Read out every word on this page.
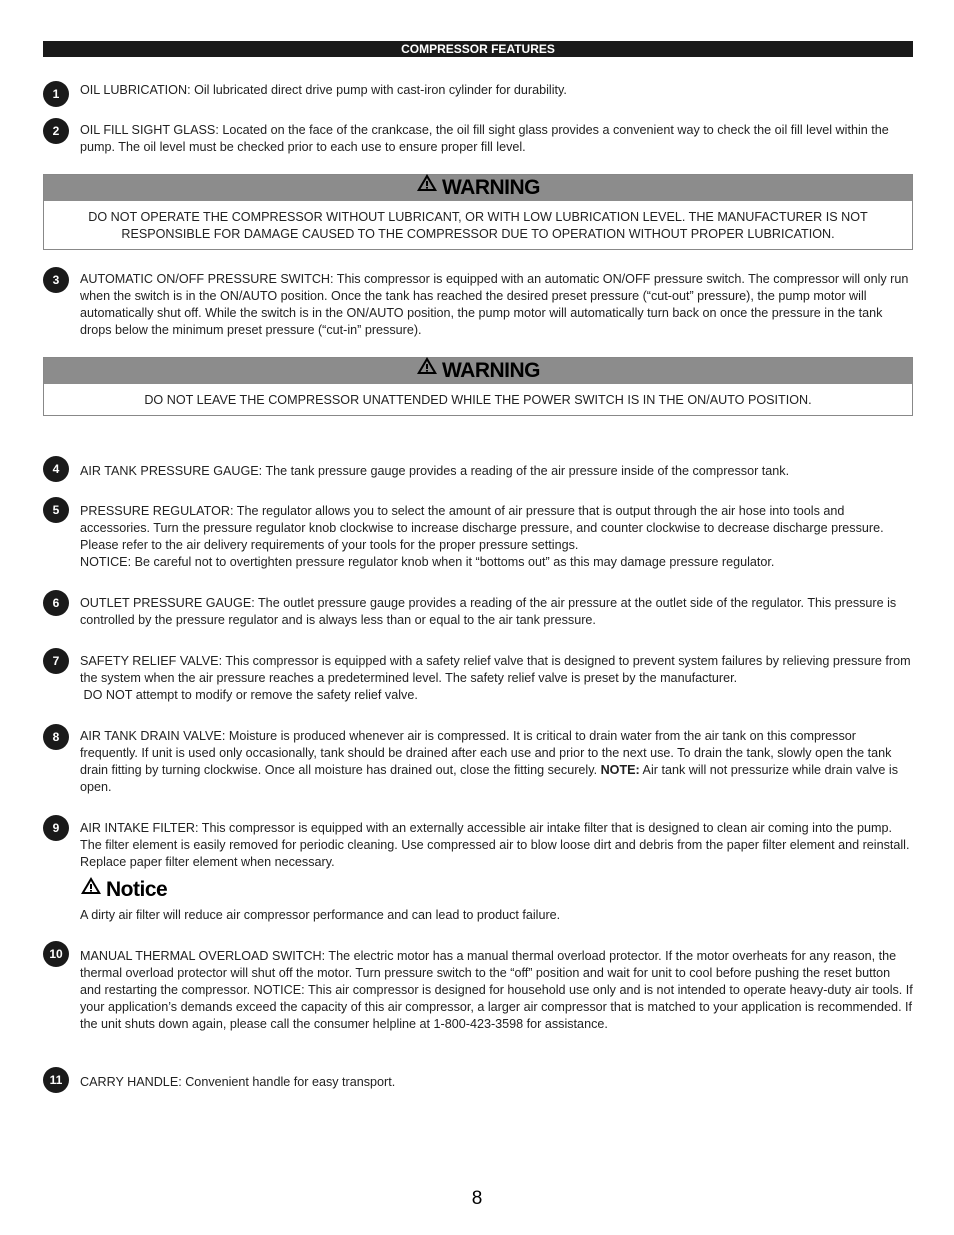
COMPRESSOR FEATURES
1	OIL LUBRICATION: Oil lubricated direct drive pump with cast-iron cylinder for durability.

2	OIL FILL SIGHT GLASS: Located on the face of the crankcase, the oil fill sight glass provides a convenient way to check the oil fill level within the pump. The oil level must be checked prior to each use to ensure proper fill level.

WARNING
DO NOT OPERATE THE COMPRESSOR WITHOUT LUBRICANT, OR WITH LOW LUBRICATION LEVEL. THE MANUFACTURER IS NOT RESPONSIBLE FOR DAMAGE CAUSED TO THE COMPRESSOR DUE TO OPERATION WITHOUT PROPER LUBRICATION.
3	AUTOMATIC ON/OFF PRESSURE SWITCH: This compressor is equipped with an automatic ON/OFF pressure switch. The compressor will only run when the switch is in the ON/AUTO position. Once the tank has reached the desired preset pressure (“cut-out” pressure), the pump motor will automatically shut off. While the switch is in the ON/AUTO position, the pump motor will automatically turn back on once the pressure in the tank drops below the minimum preset pressure (“cut-in” pressure).

WARNING
DO NOT LEAVE THE COMPRESSOR UNATTENDED WHILE THE POWER SWITCH IS IN THE ON/AUTO POSITION.
4	AIR TANK PRESSURE GAUGE: The tank pressure gauge provides a reading of the air pressure inside of the compressor tank.

5	PRESSURE REGULATOR: The regulator allows you to select the amount of air pressure that is output through the air hose into tools and accessories. Turn the pressure regulator knob clockwise to increase discharge pressure, and counter clockwise to decrease discharge pressure. Please refer to the air delivery requirements of your tools for the proper pressure settings.

NOTICE: Be careful not to overtighten pressure regulator knob when it “bottoms out” as this may damage pressure regulator.

6	OUTLET PRESSURE GAUGE: The outlet pressure gauge provides a reading of the air pressure at the outlet side of the regulator. This pressure is controlled by the pressure regulator and is always less than or equal to the air tank pressure.

7	SAFETY RELIEF VALVE: This compressor is equipped with a safety relief valve that is designed to prevent system failures by relieving pressure from the system when the air pressure reaches a predetermined level. The safety relief valve is preset by the manufacturer.

DO NOT attempt to modify or remove the safety relief valve.

8	AIR TANK DRAIN VALVE: Moisture is produced whenever air is compressed. It is critical to drain water from the air tank on this compressor frequently. If unit is used only occasionally, tank should be drained after each use and prior to the next use. To drain the tank, slowly open the tank drain fitting by turning clockwise. Once all moisture has drained out, close the fitting securely. NOTE: Air tank will not pressurize while drain valve is open.

9	AIR INTAKE FILTER: This compressor is equipped with an externally accessible air intake filter that is designed to clean air coming into the pump. The filter element is easily removed for periodic cleaning. Use compressed air to blow loose dirt and debris from the paper filter element and reinstall. Replace paper filter element when necessary.

Notice
A dirty air filter will reduce air compressor performance and can lead to product failure.
10	MANUAL THERMAL OVERLOAD SWITCH: The electric motor has a manual thermal overload protector. If the motor overheats for any reason, the thermal overload protector will shut off the motor. Turn pressure switch to the “off” position and wait for unit to cool before pushing the reset button and restarting the compressor. NOTICE: This air compressor is designed for household use only and is not intended to operate heavy-duty air tools. If your application’s demands exceed the capacity of this air compressor, a larger air compressor that is matched to your application is recommended. If the unit shuts down again, please call the consumer helpline at 1-800-423-3598 for assistance.

11	CARRY HANDLE: Convenient handle for easy transport.

8
